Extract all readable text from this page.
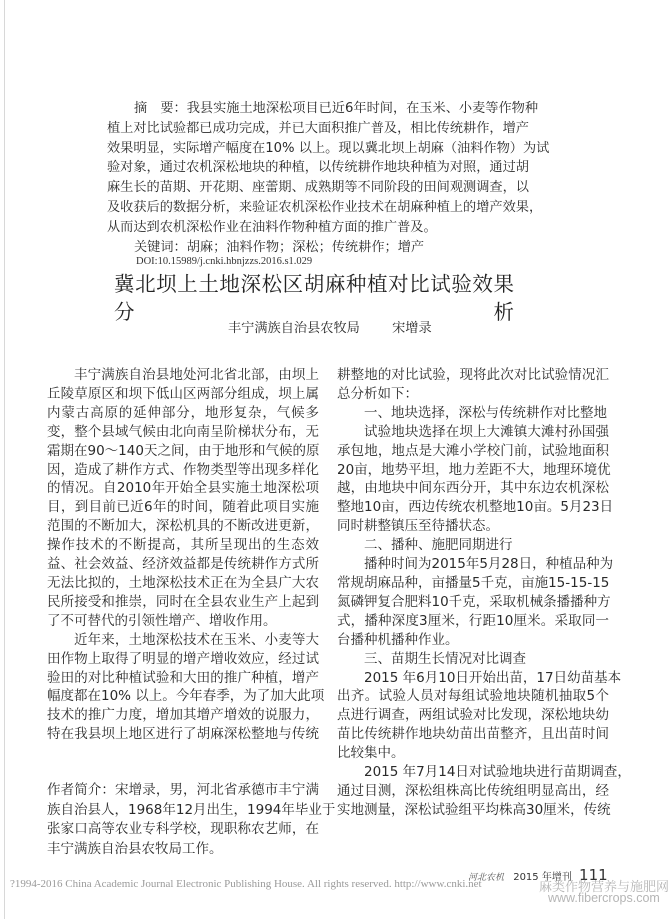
摘　要：我县实施土地深松项目已近6年时间，在玉米、小麦等作物种
植上对比试验都已成功完成，并已大面积推广普及，相比传统耕作，增产
效果明显，实际增产幅度在10% 以上。现以冀北坝上胡麻（油料作物）为试
验对象，通过农机深松地块的种植，以传统耕作地块种植为对照，通过胡
麻生长的苗期、开花期、座蕾期、成熟期等不同阶段的田间观测调查，以
及收获后的数据分析，来验证农机深松作业技术在胡麻种植上的增产效果，
从而达到农机深松作业在油料作物种植方面的推广普及。
关键词：胡麻；油料作物；深松；传统耕作；增产
DOI:10.15989/j.cnki.hbnjzzs.2016.s1.029
冀北坝上土地深松区胡麻种植对比试验效果分析
丰宁满族自治县农牧局 宋增录
丰宁满族自治县地处河北省北部，由坝上
丘陵草原区和坝下低山区两部分组成，坝上属
内蒙古高原的延伸部分，地形复杂，气候多
变，整个县域气候由北向南呈阶梯状分布，无
霜期在90～140天之间，由于地形和气候的原
因，造成了耕作方式、作物类型等出现多样化
的情况。自2010年开始全县实施土地深松项
目，到目前已近6年的时间，随着此项目实施
范围的不断加大，深松机具的不断改进更新，
操作技术的不断提高，其所呈现出的生态效
益、社会效益、经济效益都是传统耕作方式所
无法比拟的，土地深松技术正在为全县广大农
民所接受和推崇，同时在全县农业生产上起到
了不可替代的引领性增产、增收作用。
近年来，土地深松技术在玉米、小麦等大
田作物上取得了明显的增产增收效应，经过试
验田的对比种植试验和大田的推广种植，增产
幅度都在10% 以上。今年春季，为了加大此项
技术的推广力度，增加其增产增效的说服力，
特在我县坝上地区进行了胡麻深松整地与传统
作者简介：宋增录，男，河北省承德市丰宁满
族自治县人，1968年12月出生，1994年毕业于
张家口高等农业专科学校，现职称农艺师，在
丰宁满族自治县农牧局工作。
耕整地的对比试验，现将此次对比试验情况汇
总分析如下：
一、地块选择，深松与传统耕作对比整地
试验地块选择在坝上大滩镇大滩村孙国强
承包地，地点是大滩小学校门前，试验地面积
20亩，地势平坦，地力差距不大，地理环境优
越，由地块中间东西分开，其中东边农机深松
整地10亩，西边传统农机整地10亩。5月23日
同时耕整镇压至待播状态。
二、播种、施肥同期进行
播种时间为2015年5月28日，种植品种为
常规胡麻品种，亩播量5千克，亩施15-15-15
氮磷钾复合肥料10千克，采取机械条播播种方
式，播种深度3厘米，行距10厘米。采取同一
台播种机播种作业。
三、苗期生长情况对比调查
2015 年6月10日开始出苗，17日幼苗基本
出齐。试验人员对每组试验地块随机抽取5个
点进行调查，两组试验对比发现，深松地块幼
苗比传统耕作地块幼苗出苗整齐，且出苗时间
比较集中。
2015 年7月14日对试验地块进行苗期调查，
通过目测，深松组株高比传统组明显高出，经
实地测量，深松试验组平均株高30厘米，传统
河北农机 2015 年增刊 111
?1994-2016 China Academic Journal Electronic Publishing House. All rights reserved. http://www.cnki.net	麻类作物营养与施肥网
www.fibercrops.com
